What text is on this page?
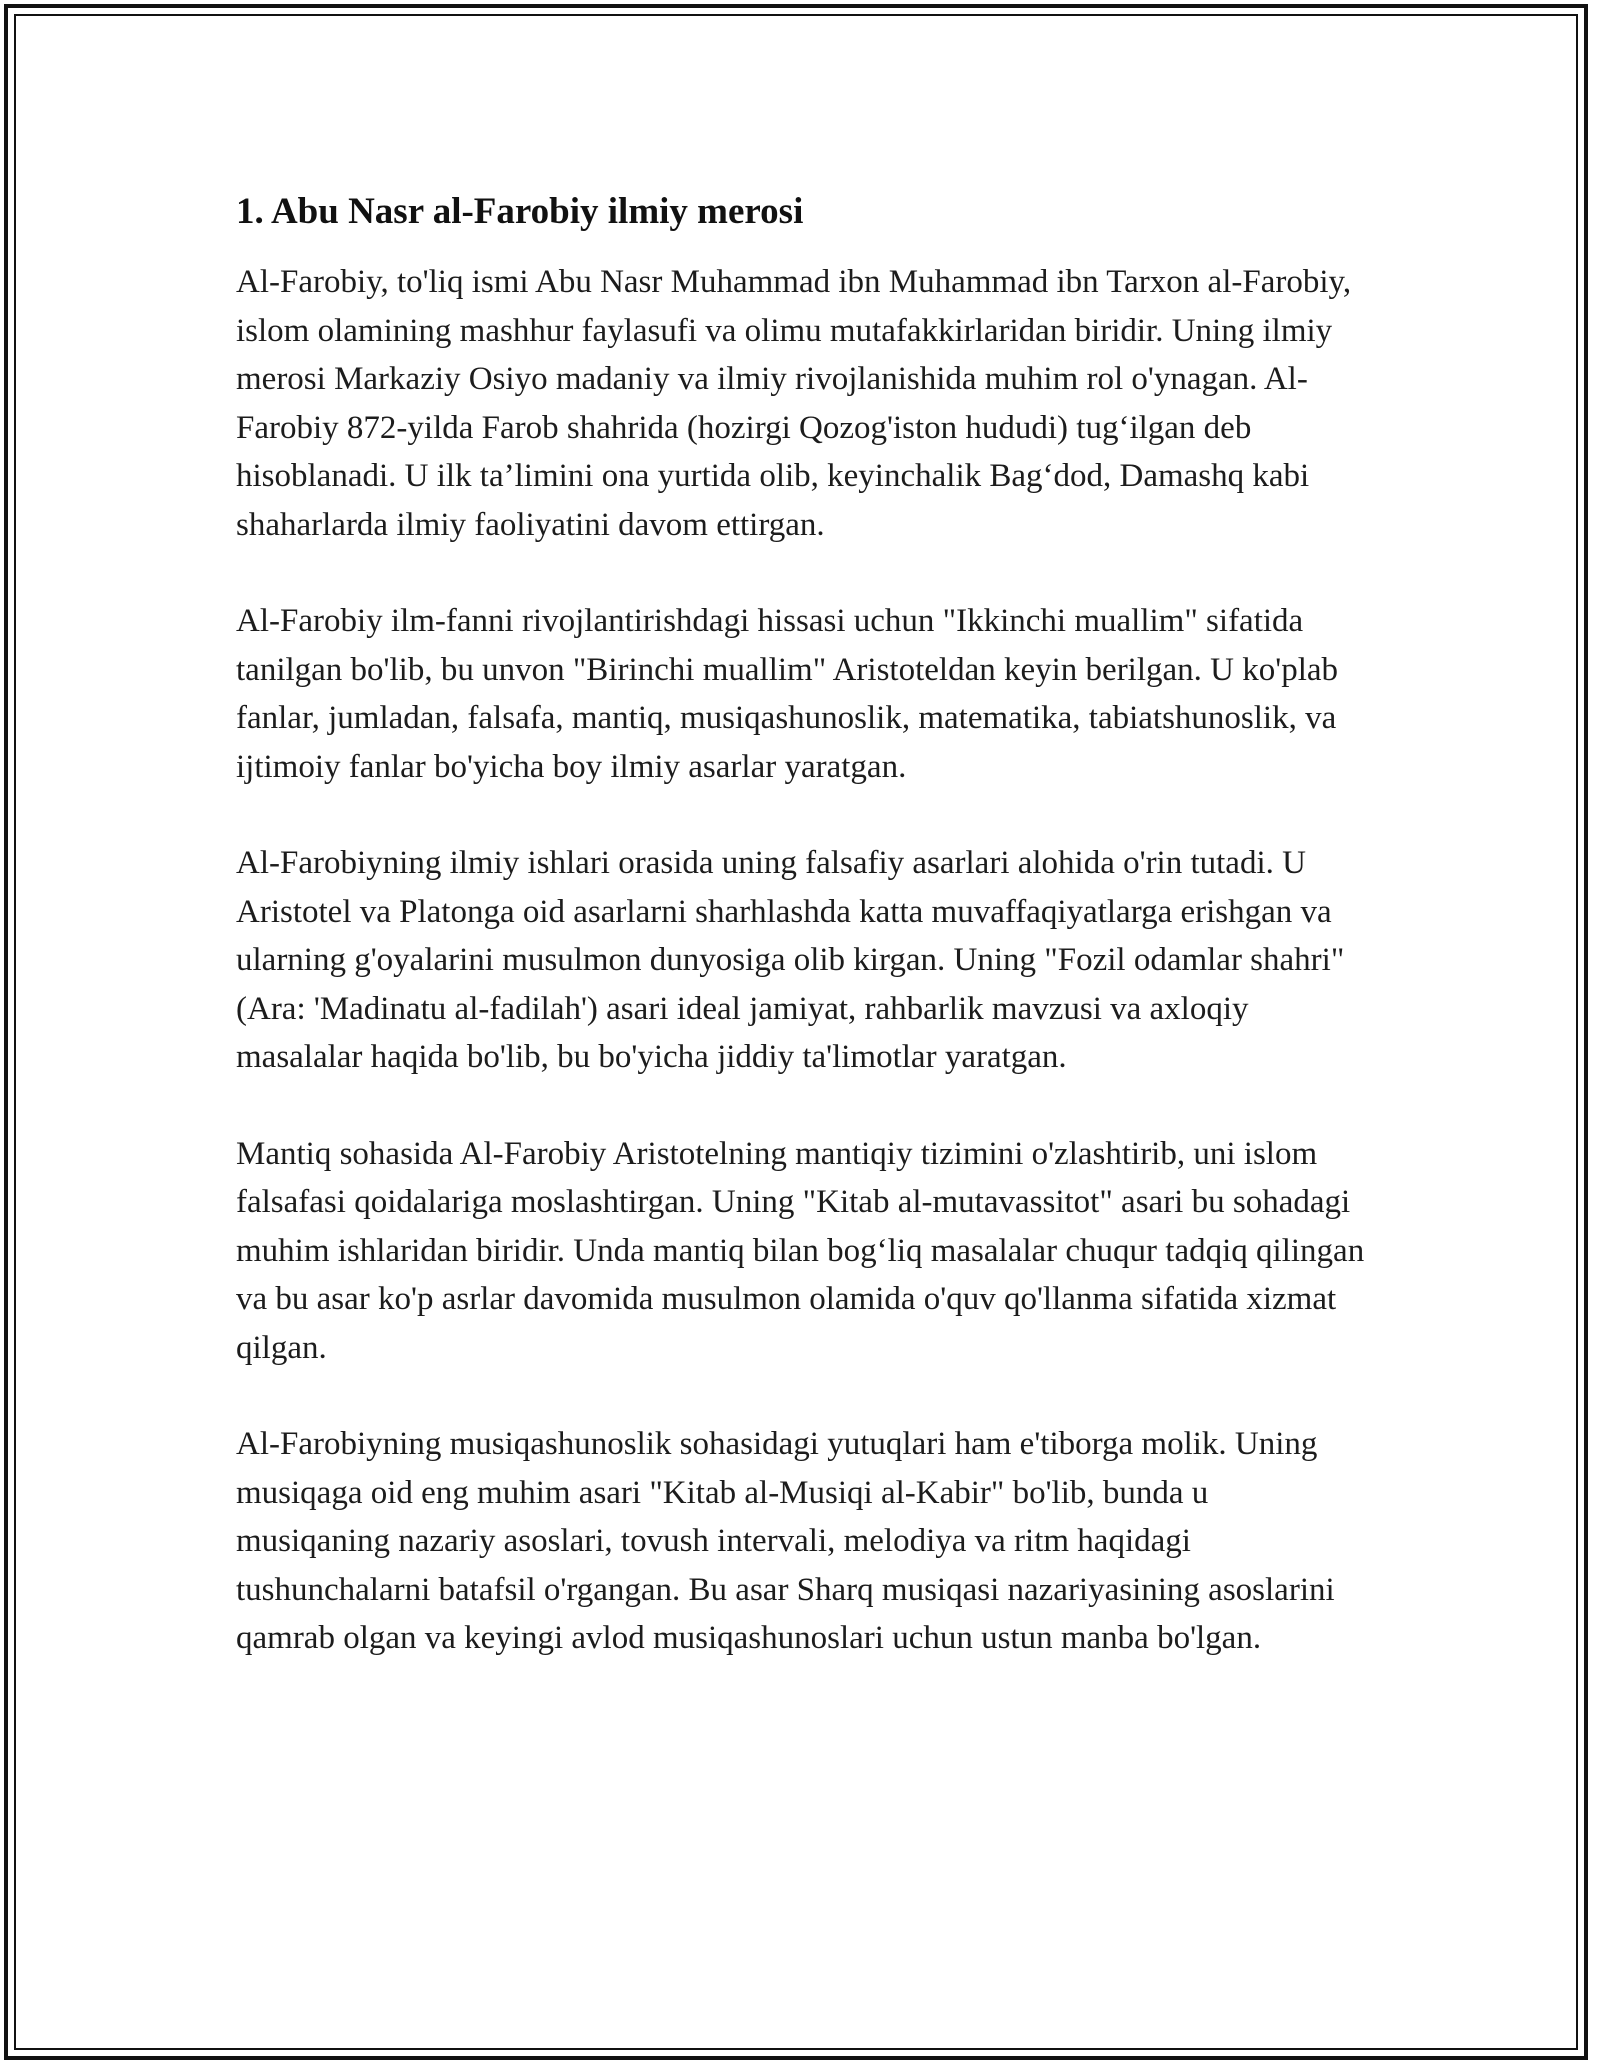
1. Abu Nasr al-Farobiy ilmiy merosi

Al-Farobiy, to'liq ismi Abu Nasr Muhammad ibn Muhammad ibn Tarxon al-Farobiy, islom olamining mashhur faylasufi va olimu mutafakkirlaridan biridir. Uning ilmiy merosi Markaziy Osiyo madaniy va ilmiy rivojlanishida muhim rol o'ynagan. Al-Farobiy 872-yilda Farob shahrida (hozirgi Qozog'iston hududi) tug‘ilgan deb hisoblanadi. U ilk ta’limini ona yurtida olib, keyinchalik Bag‘dod, Damashq kabi shaharlarda ilmiy faoliyatini davom ettirgan.

Al-Farobiy ilm-fanni rivojlantirishdagi hissasi uchun "Ikkinchi muallim" sifatida tanilgan bo'lib, bu unvon "Birinchi muallim" Aristoteldan keyin berilgan. U ko'plab fanlar, jumladan, falsafa, mantiq, musiqashunoslik, matematika, tabiatshunoslik, va ijtimoiy fanlar bo'yicha boy ilmiy asarlar yaratgan.

Al-Farobiyning ilmiy ishlari orasida uning falsafiy asarlari alohida o'rin tutadi. U Aristotel va Platonga oid asarlarni sharhlashda katta muvaffaqiyatlarga erishgan va ularning g'oyalarini musulmon dunyosiga olib kirgan. Uning "Fozil odamlar shahri" (Ara: 'Madinatu al-fadilah') asari ideal jamiyat, rahbarlik mavzusi va axloqiy masalalar haqida bo'lib, bu bo'yicha jiddiy ta'limotlar yaratgan.

Mantiq sohasida Al-Farobiy Aristotelning mantiqiy tizimini o'zlashtirib, uni islom falsafasi qoidalariga moslashtirgan. Uning "Kitab al-mutavassitot" asari bu sohadagi muhim ishlaridan biridir. Unda mantiq bilan bog‘liq masalalar chuqur tadqiq qilingan va bu asar ko'p asrlar davomida musulmon olamida o'quv qo'llanma sifatida xizmat qilgan.

Al-Farobiyning musiqashunoslik sohasidagi yutuqlari ham e'tiborga molik. Uning musiqaga oid eng muhim asari "Kitab al-Musiqi al-Kabir" bo'lib, bunda u musiqaning nazariy asoslari, tovush intervali, melodiya va ritm haqidagi tushunchalarni batafsil o'rgangan. Bu asar Sharq musiqasi nazariyasining asoslarini qamrab olgan va keyingi avlod musiqashunoslari uchun ustun manba bo'lgan.
